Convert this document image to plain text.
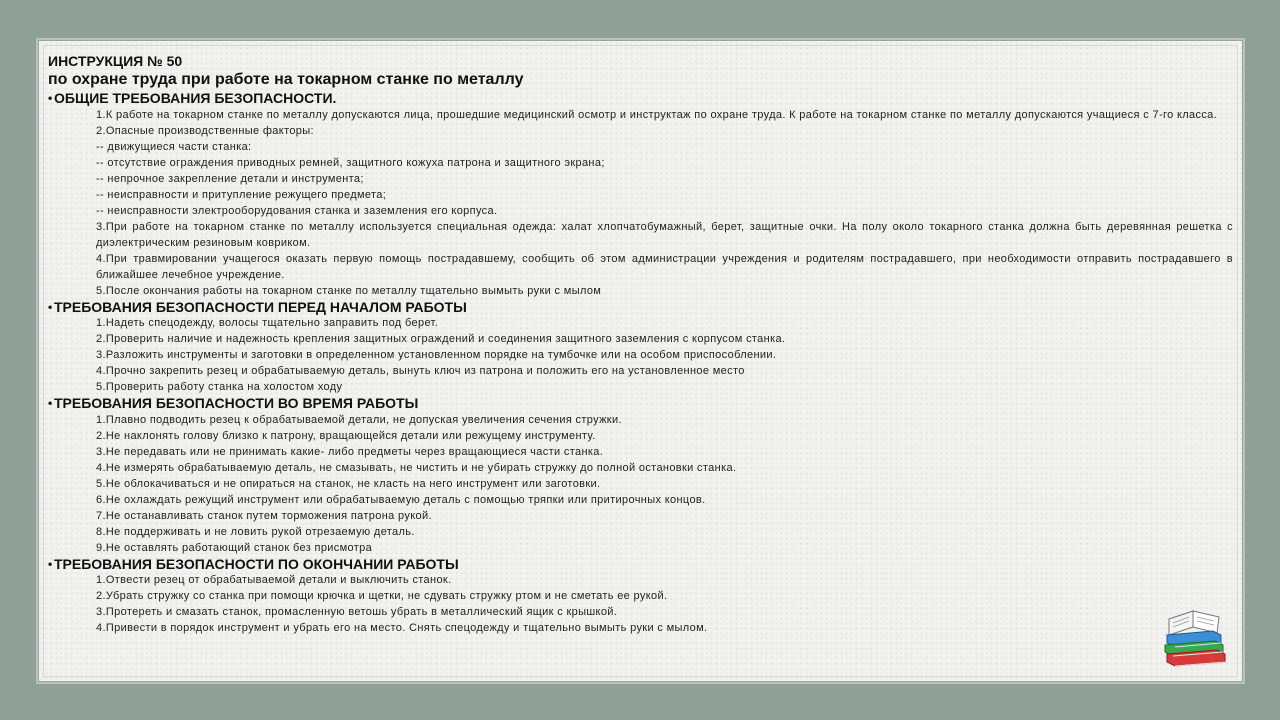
ИНСТРУКЦИЯ № 50
по охране труда при работе на токарном станке по металлу
• ОБЩИЕ ТРЕБОВАНИЯ БЕЗОПАСНОСТИ.
1.К работе на токарном станке по металлу допускаются лица, прошедшие медицинский осмотр и инструктаж по охране труда. К работе на токарном станке по металлу допускаются учащиеся с 7-го класса.
2.Опасные производственные факторы:
-- движущиеся части станка:
-- отсутствие ограждения приводных ремней, защитного кожуха патрона и защитного экрана;
-- непрочное закрепление детали и инструмента;
-- неисправности и притупление режущего предмета;
-- неисправности электрооборудования станка и заземления его корпуса.
3.При работе на токарном станке по металлу используется специальная одежда: халат хлопчатобумажный, берет, защитные очки. На полу около токарного станка должна быть деревянная решетка с диэлектрическим резиновым ковриком.
4.При травмировании учащегося оказать первую помощь пострадавшему, сообщить об этом администрации учреждения и родителям пострадавшего, при необходимости отправить пострадавшего в ближайшее лечебное учреждение.
5.После окончания работы на токарном станке по металлу тщательно вымыть руки с мылом
• ТРЕБОВАНИЯ БЕЗОПАСНОСТИ ПЕРЕД НАЧАЛОМ РАБОТЫ
1.Надеть спецодежду, волосы тщательно заправить под берет.
2.Проверить наличие и надежность крепления защитных ограждений и соединения защитного заземления с корпусом станка.
3.Разложить инструменты и заготовки в определенном установленном порядке на тумбочке или на особом приспособлении.
4.Прочно закрепить резец и обрабатываемую деталь, вынуть ключ из патрона и положить его на установленное место
5.Проверить работу станка на холостом ходу
• ТРЕБОВАНИЯ БЕЗОПАСНОСТИ ВО ВРЕМЯ РАБОТЫ
1.Плавно подводить резец к обрабатываемой детали, не допуская увеличения сечения стружки.
2.Не наклонять голову близко к патрону, вращающейся детали или режущему инструменту.
3.Не передавать или не принимать какие- либо предметы через вращающиеся части станка.
4.Не измерять обрабатываемую деталь, не смазывать, не чистить и не убирать стружку до полной остановки станка.
5.Не облокачиваться и не опираться на станок, не класть на него инструмент или заготовки.
6.Не охлаждать режущий инструмент или обрабатываемую деталь с помощью тряпки или притирочных концов.
7.Не останавливать станок путем торможения патрона рукой.
8.Не поддерживать и не ловить рукой отрезаемую деталь.
9.Не оставлять работающий станок без присмотра
• ТРЕБОВАНИЯ БЕЗОПАСНОСТИ ПО ОКОНЧАНИИ РАБОТЫ
1.Отвести резец от обрабатываемой детали и выключить станок.
2.Убрать стружку со станка при помощи крючка и щетки, не сдувать стружку ртом и не сметать ее рукой.
3.Протереть и смазать станок, промасленную ветошь убрать в металлический ящик с крышкой.
4.Привести в порядок инструмент и убрать его на место. Снять спецодежду и тщательно вымыть руки с мылом.
